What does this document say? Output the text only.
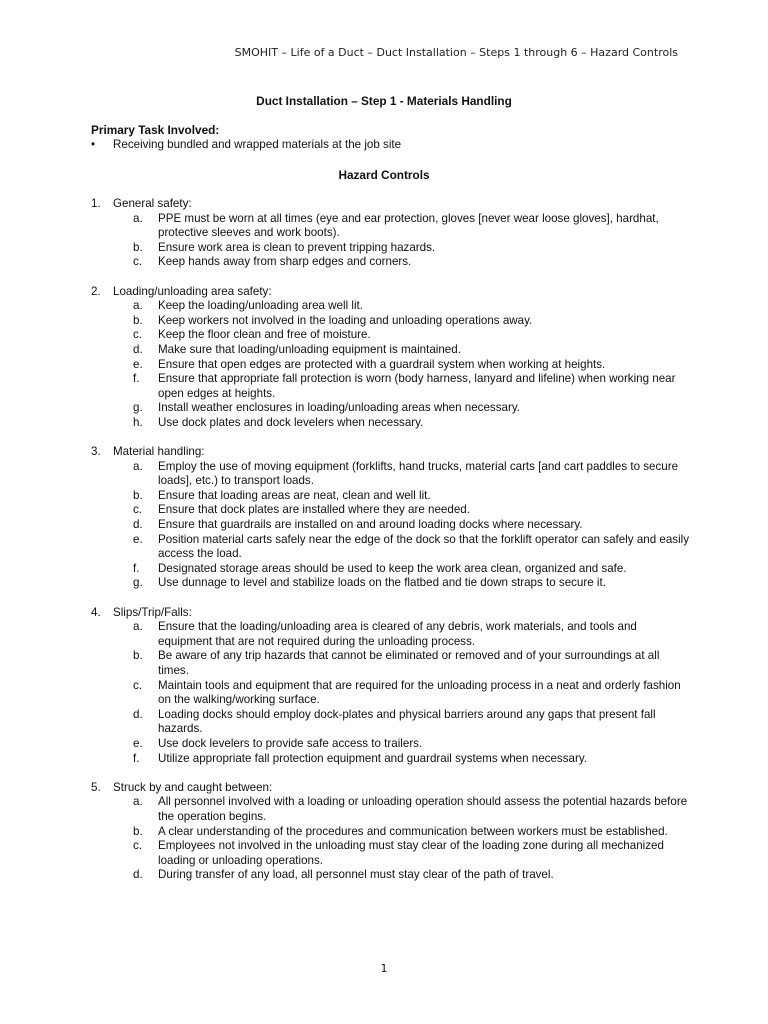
SMOHIT – Life of a Duct – Duct Installation – Steps 1 through 6 – Hazard Controls
Duct Installation – Step 1 - Materials Handling
Primary Task Involved:
• Receiving bundled and wrapped materials at the job site
Hazard Controls
1.	General safety:
a.	PPE must be worn at all times (eye and ear protection, gloves [never wear loose gloves], hardhat, protective sleeves and work boots).
b.	Ensure work area is clean to prevent tripping hazards.
c.	Keep hands away from sharp edges and corners.
2.	Loading/unloading area safety:
a.	Keep the loading/unloading area well lit.
b.	Keep workers not involved in the loading and unloading operations away.
c.	Keep the floor clean and free of moisture.
d.	Make sure that loading/unloading equipment is maintained.
e.	Ensure that open edges are protected with a guardrail system when working at heights.
f.	Ensure that appropriate fall protection is worn (body harness, lanyard and lifeline) when working near open edges at heights.
g.	Install weather enclosures in loading/unloading areas when necessary.
h.	Use dock plates and dock levelers when necessary.
3.	Material handling:
a.	Employ the use of moving equipment (forklifts, hand trucks, material carts [and cart paddles to secure loads], etc.) to transport loads.
b.	Ensure that loading areas are neat, clean and well lit.
c.	Ensure that dock plates are installed where they are needed.
d.	Ensure that guardrails are installed on and around loading docks where necessary.
e.	Position material carts safely near the edge of the dock so that the forklift operator can safely and easily access the load.
f.	Designated storage areas should be used to keep the work area clean, organized and safe.
g.	Use dunnage to level and stabilize loads on the flatbed and tie down straps to secure it.
4.	Slips/Trip/Falls:
a.	Ensure that the loading/unloading area is cleared of any debris, work materials, and tools and equipment that are not required during the unloading process.
b.	Be aware of any trip hazards that cannot be eliminated or removed and of your surroundings at all times.
c.	Maintain tools and equipment that are required for the unloading process in a neat and orderly fashion on the walking/working surface.
d.	Loading docks should employ dock-plates and physical barriers around any gaps that present fall hazards.
e.	Use dock levelers to provide safe access to trailers.
f.	Utilize appropriate fall protection equipment and guardrail systems when necessary.
5.	Struck by and caught between:
a.	All personnel involved with a loading or unloading operation should assess the potential hazards before the operation begins.
b.	A clear understanding of the procedures and communication between workers must be established.
c.	Employees not involved in the unloading must stay clear of the loading zone during all mechanized loading or unloading operations.
d.	During transfer of any load, all personnel must stay clear of the path of travel.
1
